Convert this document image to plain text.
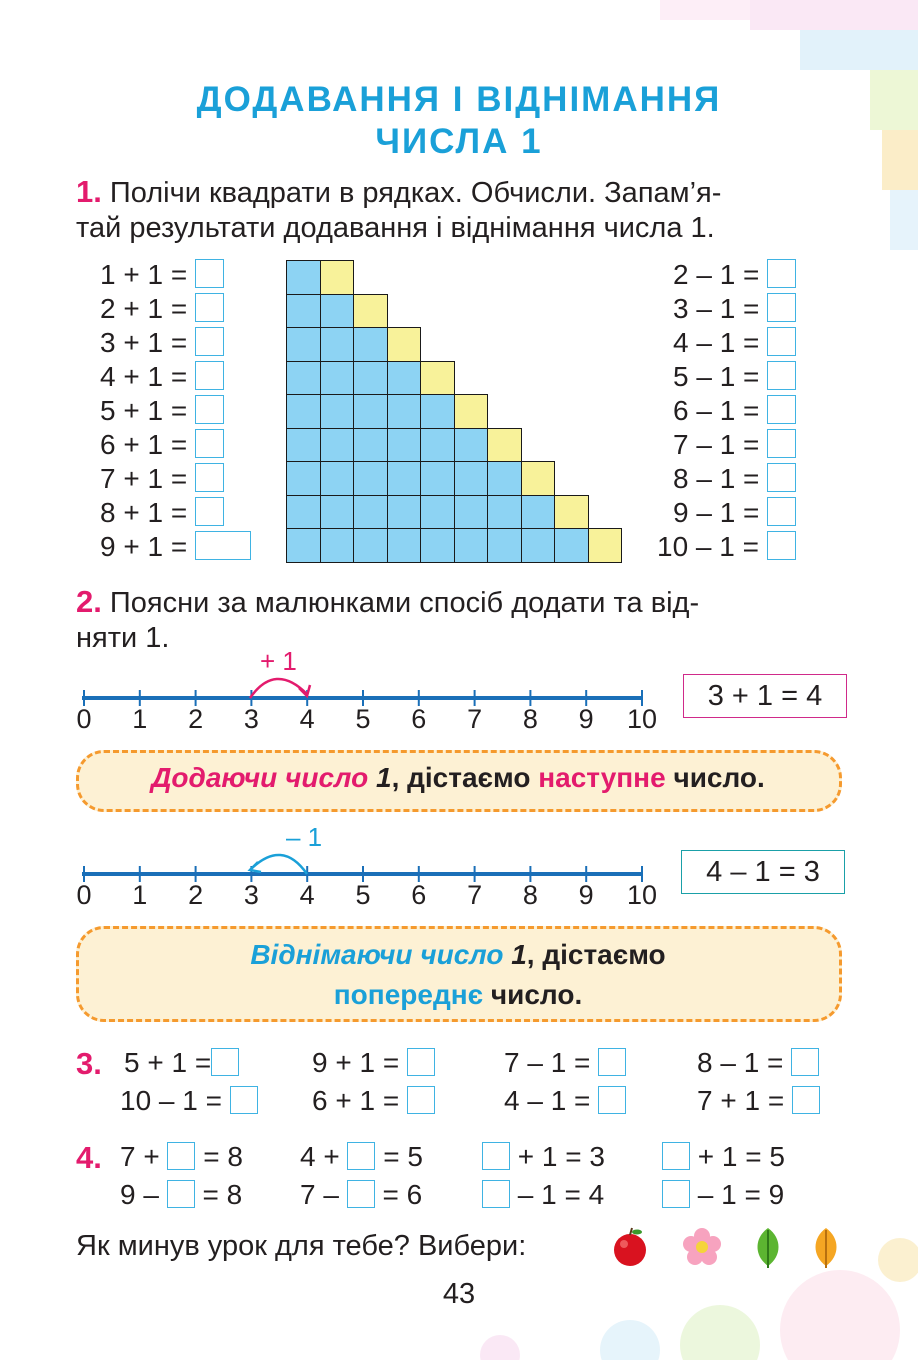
ДОДАВАННЯ І ВІДНІМАННЯ
ЧИСЛА 1
1. Полічи квадрати в рядках. Обчисли. Запам’я-
тай результати додавання і віднімання числа 1.
1 + 1 =
2 + 1 =
3 + 1 =
4 + 1 =
5 + 1 =
6 + 1 =
7 + 1 =
8 + 1 =
9 + 1 =
2 – 1 =
3 – 1 =
4 – 1 =
5 – 1 =
6 – 1 =
7 – 1 =
8 – 1 =
9 – 1 =
10 – 1 =
2. Поясни за малюнками спосіб додати та від-
няти 1.
+ 1
0	1	2	3	4	5	6	7	8	9	10
3 + 1 = 4
Додаючи число 1, дістаємо наступне число.
– 1
0	1	2	3	4	5	6	7	8	9	10
4 – 1 = 3
Віднімаючи число 1, дістаємо
попереднє число.
3. 5 + 1 =	9 + 1 =	7 – 1 =	8 – 1 =
10 – 1 =	6 + 1 =	4 – 1 =	7 + 1 =
4. 7 + = 8 4 + = 5	+ 1 = 3	+ 1 = 5
9 – = 8 7 – = 6	– 1 = 4	– 1 = 9
Як минув урок для тебе? Вибери:
43
